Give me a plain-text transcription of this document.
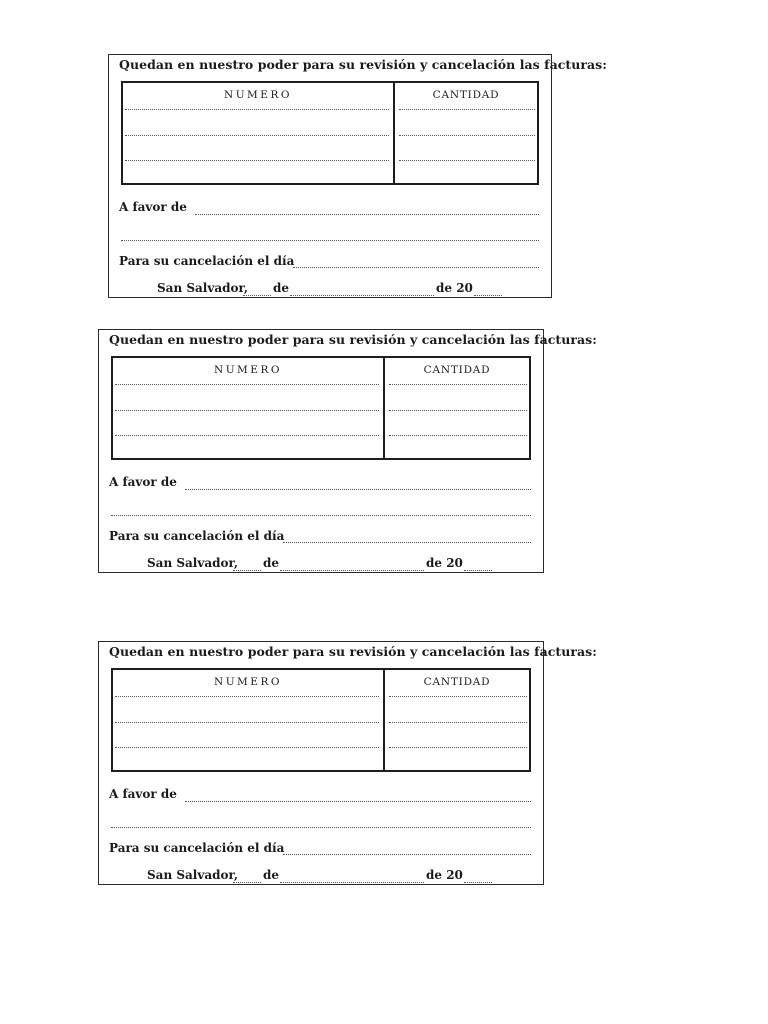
Quedan en nuestro poder para su revisión y cancelación las facturas:
NUMERO	CANTIDAD
A favor de
Para su cancelación el día
San Salvador, de	de 20
Quedan en nuestro poder para su revisión y cancelación las facturas:
NUMERO	CANTIDAD
A favor de
Para su cancelación el día
San Salvador, de	de 20
Quedan en nuestro poder para su revisión y cancelación las facturas:
NUMERO	CANTIDAD
A favor de
Para su cancelación el día
San Salvador, de	de 20
